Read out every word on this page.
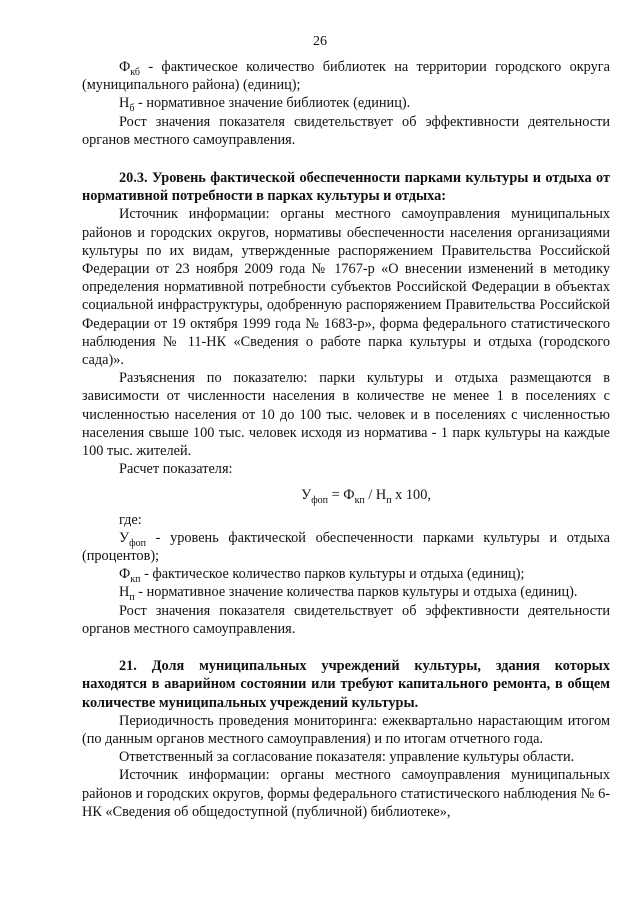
26

$Ф_{кб}$ - фактическое количество библиотек на территории городского округа (муниципального района) (единиц);

$Н_б$ - нормативное значение библиотек (единиц).

Рост значения показателя свидетельствует об эффективности деятельности органов местного самоуправления.

20.3. Уровень фактической обеспеченности парками культуры и отдыха от нормативной потребности в парках культуры и отдыха:

Источник информации: органы местного самоуправления муниципальных районов и городских округов, нормативы обеспеченности населения организациями культуры по их видам, утвержденные распоряжением Правительства Российской Федерации от 23 ноября 2009 года № 1767-р «О внесении изменений в методику определения нормативной потребности субъектов Российской Федерации в объектах социальной инфраструктуры, одобренную распоряжением Правительства Российской Федерации от 19 октября 1999 года № 1683-р», форма федерального статистического наблюдения № 11-НК «Сведения о работе парка культуры и отдыха (городского сада)».

Разъяснения по показателю: парки культуры и отдыха размещаются в зависимости от численности населения в количестве не менее 1 в поселениях с численностью населения от 10 до 100 тыс. человек и в поселениях с численностью населения свыше 100 тыс. человек исходя из норматива - 1 парк культуры на каждые 100 тыс. жителей.

Расчет показателя:

$У_{фоп} = Ф_{кп} / Н_п$ х 100,

где:

$У_{фоп}$ - уровень фактической обеспеченности парками культуры и отдыха (процентов);

$Ф_{кп}$ - фактическое количество парков культуры и отдыха (единиц);

$Н_п$ - нормативное значение количества парков культуры и отдыха (единиц).

Рост значения показателя свидетельствует об эффективности деятельности органов местного самоуправления.

21. Доля муниципальных учреждений культуры, здания которых находятся в аварийном состоянии или требуют капитального ремонта, в общем количестве муниципальных учреждений культуры.

Периодичность проведения мониторинга: ежеквартально нарастающим итогом (по данным органов местного самоуправления) и по итогам отчетного года.

Ответственный за согласование показателя: управление культуры области.

Источник информации: органы местного самоуправления муниципальных районов и городских округов, формы федерального статистического наблюдения № 6-НК «Сведения об общедоступной (публичной) библиотеке»,
